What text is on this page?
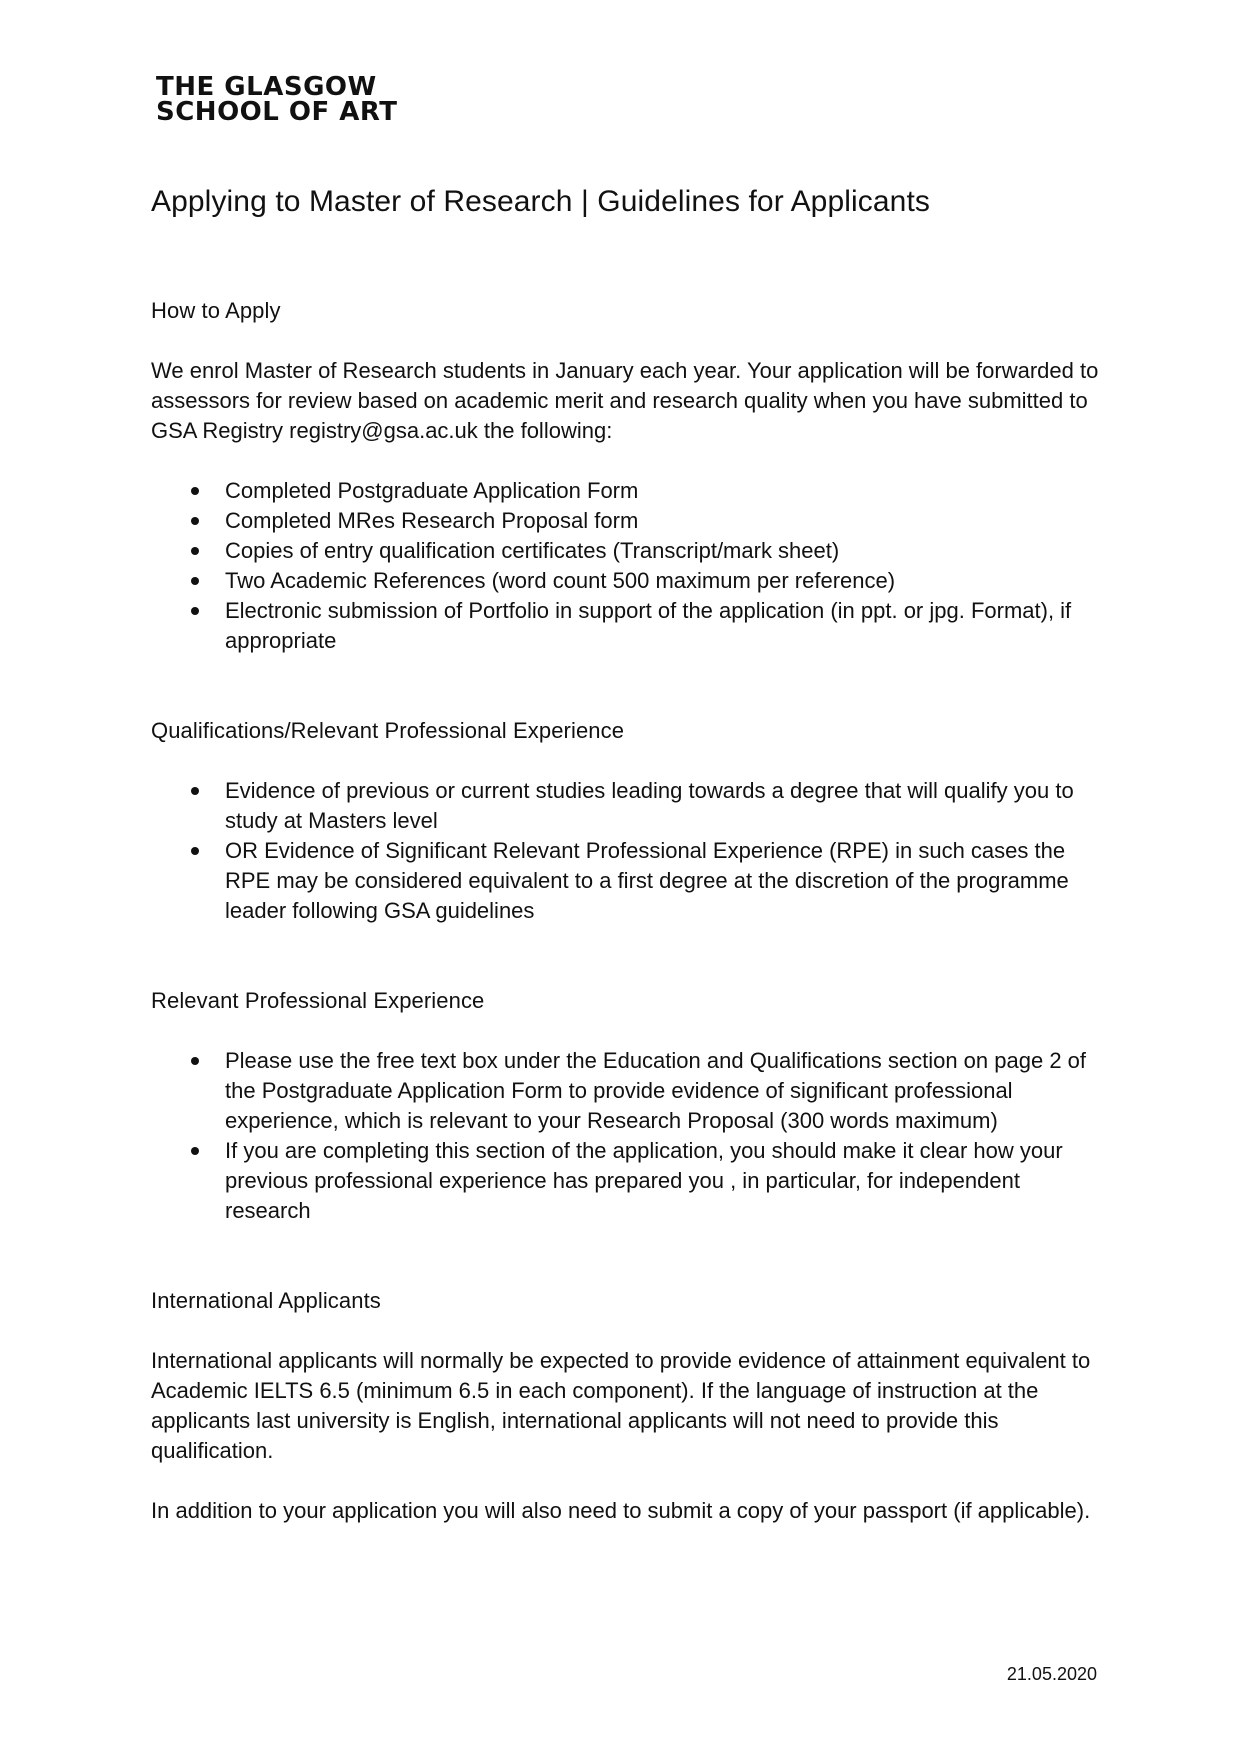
THE GLASGOW
SCHOOL OF ART
Applying to Master of Research | Guidelines for Applicants
How to Apply

We enrol Master of Research students in January each year. Your application will be forwarded to assessors for review based on academic merit and research quality when you have submitted to GSA Registry registry@gsa.ac.uk the following:

Completed Postgraduate Application Form
Completed MRes Research Proposal form
Copies of entry qualification certificates (Transcript/mark sheet)
Two Academic References (word count 500 maximum per reference)
Electronic submission of Portfolio in support of the application (in ppt. or jpg. Format), if appropriate
Qualifications/Relevant Professional Experience
Evidence of previous or current studies leading towards a degree that will qualify you to study at Masters level
OR Evidence of Significant Relevant Professional Experience (RPE) in such cases the RPE may be considered equivalent to a first degree at the discretion of the programme leader following GSA guidelines
Relevant Professional Experience
Please use the free text box under the Education and Qualifications section on page 2 of the Postgraduate Application Form to provide evidence of significant professional experience, which is relevant to your Research Proposal (300 words maximum)
If you are completing this section of the application, you should make it clear how your previous professional experience has prepared you , in particular, for independent research
International Applicants

International applicants will normally be expected to provide evidence of attainment equivalent to Academic IELTS 6.5 (minimum 6.5 in each component). If the language of instruction at the applicants last university is English, international applicants will not need to provide this qualification.

In addition to your application you will also need to submit a copy of your passport (if applicable).

21.05.2020
